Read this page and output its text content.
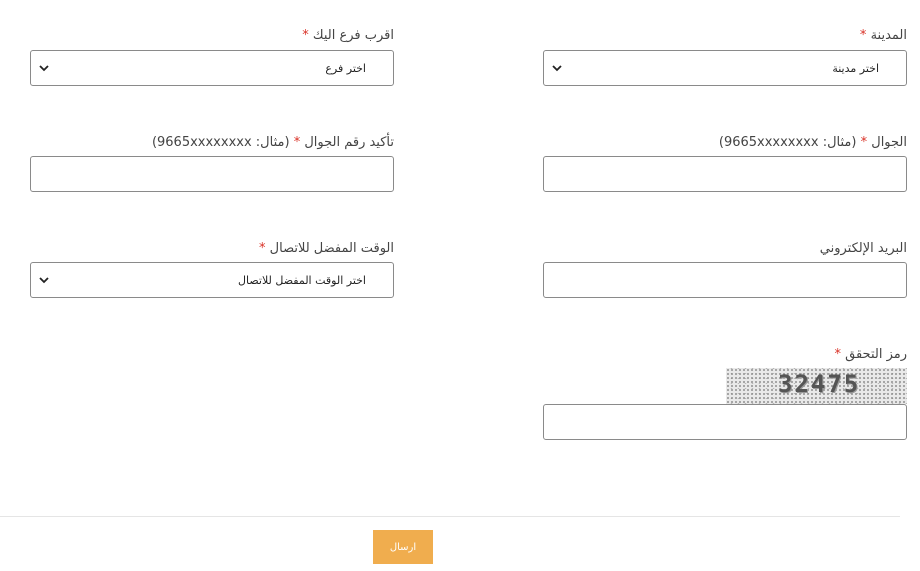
المدينة *
اختر مدينة
اقرب فرع اليك *
اختر فرع
الجوال * (مثال: 9665xxxxxxxx)
تأكيد رقم الجوال * (مثال: 9665xxxxxxxx)
البريد الإلكتروني
الوقت المفضل للاتصال *
اختر الوقت المفضل للاتصال
رمز التحقق *
32475
ارسال
